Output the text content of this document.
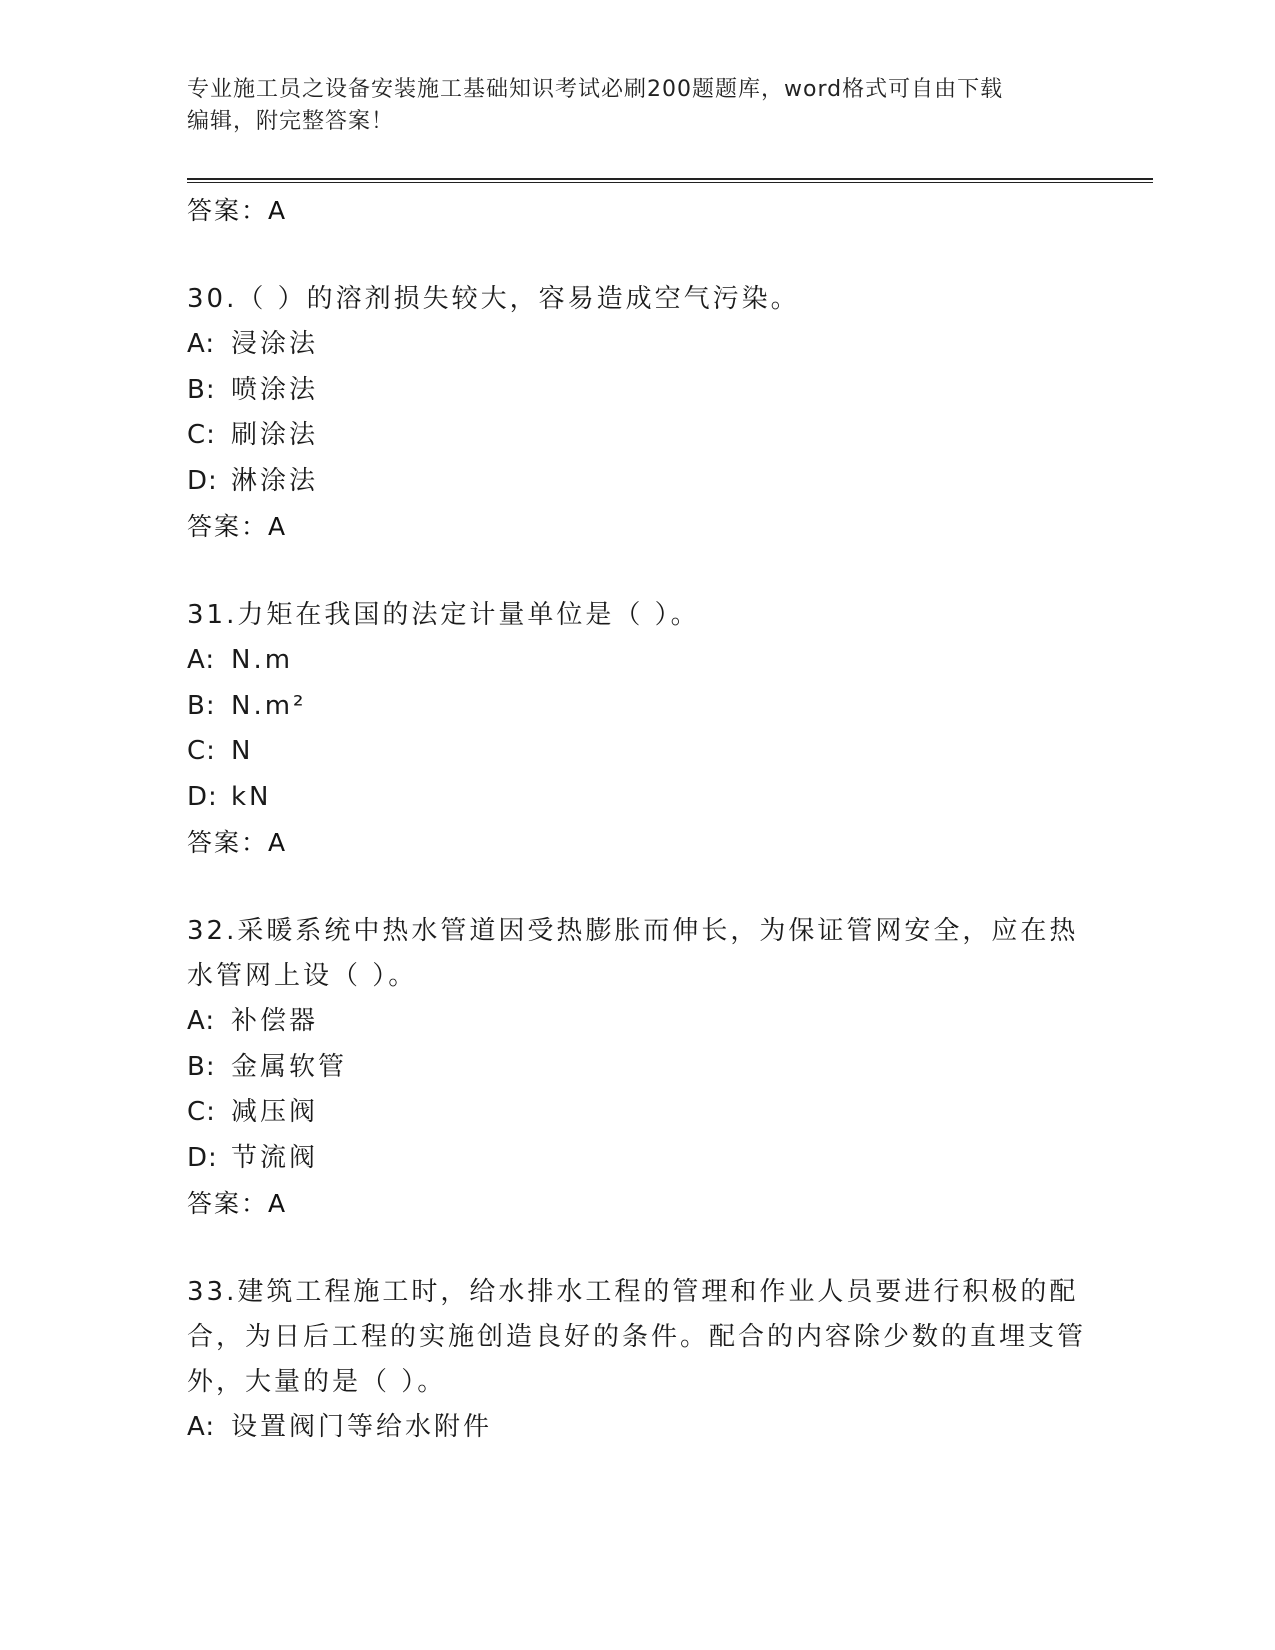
专业施工员之设备安装施工基础知识考试必刷200题题库，word格式可自由下载
编辑，附完整答案！
答案：A
30.（ ）的溶剂损失较大，容易造成空气污染。
A: 浸涂法
B: 喷涂法
C: 刷涂法
D: 淋涂法
答案：A
31.力矩在我国的法定计量单位是（ ）。
A: N.m
B: N.m²
C: N
D: kN
答案：A
32.采暖系统中热水管道因受热膨胀而伸长，为保证管网安全，应在热水管网上设（ ）。
A: 补偿器
B: 金属软管
C: 减压阀
D: 节流阀
答案：A
33.建筑工程施工时，给水排水工程的管理和作业人员要进行积极的配合，为日后工程的实施创造良好的条件。配合的内容除少数的直埋支管外，大量的是（ ）。
A: 设置阀门等给水附件
